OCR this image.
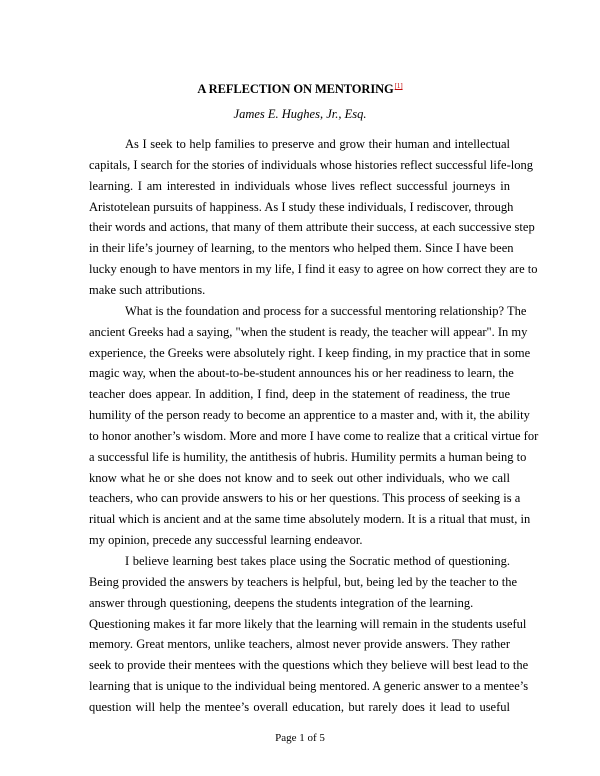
A REFLECTION ON MENTORING[1]
James E. Hughes, Jr., Esq.
As I seek to help families to preserve and grow their human and intellectual
capitals, I search for the stories of individuals whose histories reflect successful life-long
learning. I am interested in individuals whose lives reflect successful journeys in
Aristotelean pursuits of happiness. As I study these individuals, I rediscover, through
their words and actions, that many of them attribute their success, at each successive step
in their life’s journey of learning, to the mentors who helped them. Since I have been
lucky enough to have mentors in my life, I find it easy to agree on how correct they are to
make such attributions.
What is the foundation and process for a successful mentoring relationship? The
ancient Greeks had a saying, "when the student is ready, the teacher will appear". In my
experience, the Greeks were absolutely right. I keep finding, in my practice that in some
magic way, when the about-to-be-student announces his or her readiness to learn, the
teacher does appear. In addition, I find, deep in the statement of readiness, the true
humility of the person ready to become an apprentice to a master and, with it, the ability
to honor another’s wisdom. More and more I have come to realize that a critical virtue for
a successful life is humility, the antithesis of hubris. Humility permits a human being to
know what he or she does not know and to seek out other individuals, who we call
teachers, who can provide answers to his or her questions. This process of seeking is a
ritual which is ancient and at the same time absolutely modern. It is a ritual that must, in
my opinion, precede any successful learning endeavor.
I believe learning best takes place using the Socratic method of questioning.
Being provided the answers by teachers is helpful, but, being led by the teacher to the
answer through questioning, deepens the students integration of the learning.
Questioning makes it far more likely that the learning will remain in the students useful
memory. Great mentors, unlike teachers, almost never provide answers. They rather
seek to provide their mentees with the questions which they believe will best lead to the
learning that is unique to the individual being mentored. A generic answer to a mentee’s
question will help the mentee’s overall education, but rarely does it lead to useful
Page 1 of 5
